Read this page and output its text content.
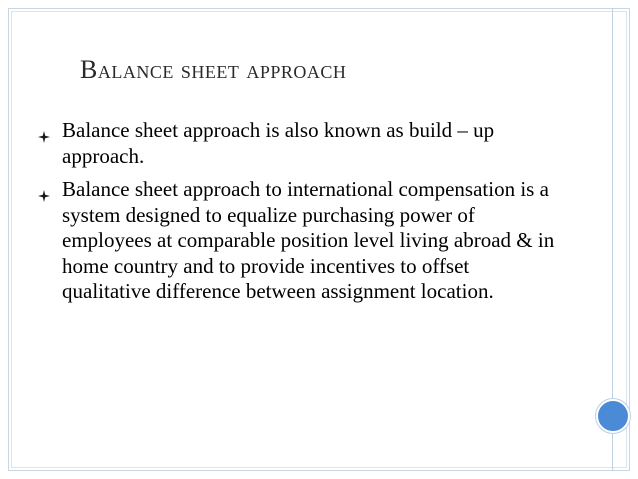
Balance sheet approach
Balance sheet approach is also known as build – up approach.
Balance sheet approach to international compensation is a system designed to equalize purchasing power of employees at comparable position level living abroad & in home country and to provide incentives to offset qualitative difference between assignment location.
